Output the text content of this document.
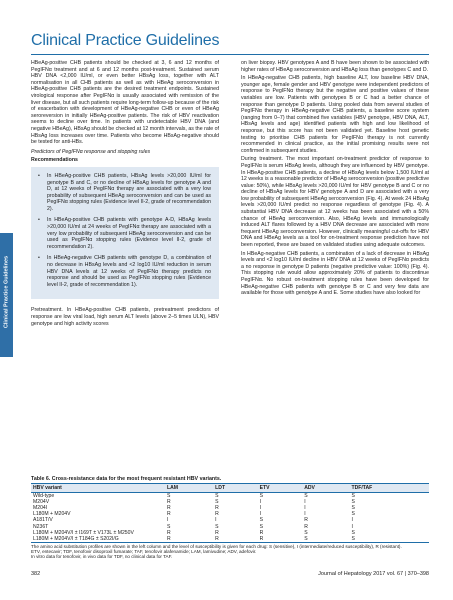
Clinical Practice Guidelines
Clinical Practice Guidelines

HBeAg-positive CHB patients should be checked at 3, 6 and 12 months of PegIFNα treatment and at 6 and 12 months post-treatment. Sustained serum HBV DNA <2,000 IU/ml, or even better HBsAg loss, together with ALT normalisation in all CHB patients as well as with HBeAg seroconversion in HBeAg-positive CHB patients are the desired treatment endpoints. Sustained virological response after PegIFNα is usually associated with remission of the liver disease, but all such patients require long-term follow-up because of the risk of exacerbation with development of HBeAg-negative CHB or even of HBeAg seroreversion in initially HBeAg-positive patients. The risk of HBV reactivation seems to decline over time. In patients with undetectable HBV DNA (and negative HBeAg), HBsAg should be checked at 12 month intervals, as the rate of HBsAg loss increases over time. Patients who become HBsAg-negative should be tested for anti-HBs.

Predictors of PegIFNα response and stopping rules

Recommendations

• In HBeAg-positive CHB patients, HBsAg levels >20,000 IU/ml for genotype B and C, or no decline of HBsAg levels for genotype A and D, at 12 weeks of PegIFNα therapy are associated with a very low probability of subsequent HBeAg seroconversion and can be used as PegIFNα stopping rules (Evidence level II-2, grade of recommendation 2).

• In HBeAg-positive CHB patients with genotype A-D, HBsAg levels >20,000 IU/ml at 24 weeks of PegIFNα therapy are associated with a very low probability of subsequent HBeAg seroconversion and can be used as PegIFNα stopping rules (Evidence level II-2, grade of recommendation 2).

• In HBeAg-negative CHB patients with genotype D, a combination of no decrease in HBsAg levels and <2 log10 IU/ml reduction in serum HBV DNA levels at 12 weeks of PegIFNα therapy predicts no response and should be used as PegIFNα stopping rules (Evidence level II-2, grade of recommendation 1).

Pretreatment. In HBeAg-positive CHB patients, pretreatment predictors of response are low viral load, high serum ALT levels (above 2–5 times ULN), HBV genotype and high activity scores

on liver biopsy. HBV genotypes A and B have been shown to be associated with higher rates of HBeAg seroconversion and HBsAg loss than genotypes C and D.

In HBeAg-negative CHB patients, high baseline ALT, low baseline HBV DNA, younger age, female gender and HBV genotype were independent predictors of response to PegIFNα therapy but the negative and positive values of these variables are low. Patients with genotypes B or C had a better chance of response than genotype D patients. Using pooled data from several studies of PegIFNα therapy in HBeAg-negative CHB patients, a baseline score system (ranging from 0–7) that combined five variables (HBV genotype, HBV DNA, ALT, HBsAg levels and age) identified patients with high and low likelihood of response, but this score has not been validated yet. Baseline host genetic testing to prioritise CHB patients for PegIFNα therapy is not currently recommended in clinical practice, as the initial promising results were not confirmed in subsequent studies.

During treatment. The most important on-treatment predictor of response to PegIFNα is serum HBsAg levels, although they are influenced by HBV genotype. In HBeAg-positive CHB patients, a decline of HBsAg levels below 1,500 IU/ml at 12 weeks is a reasonable predictor of HBeAg seroconversion (positive predictive value: 50%), while HBsAg levels >20,000 IU/ml for HBV genotype B and C or no decline of HBsAg levels for HBV genotype A and D are associated with a very low probability of subsequent HBeAg seroconversion (Fig. 4). At week 24 HBsAg levels >20,000 IU/ml predict no response regardless of genotype (Fig. 4). A substantial HBV DNA decrease at 12 weeks has been associated with a 50% chance of HBeAg seroconversion. Also, HBeAg levels and immunologically induced ALT flares followed by a HBV DNA decrease are associated with more frequent HBeAg seroconversion. However, clinically meaningful cut-offs for HBV DNA and HBeAg levels as a tool for on-treatment response prediction have not been reported, these are based on validated studies using adequate outcomes.

In HBeAg-negative CHB patients, a combination of a lack of decrease in HBsAg levels and <2 log10 IU/ml decline in HBV DNA at 12 weeks of PegIFNα predicts a no response in genotype D patients (negative predictive value: 100%) (Fig. 4). This stopping rule would allow approximately 20% of patients to discontinue PegIFNα. No robust on-treatment stopping rules have been developed for HBeAg-negative CHB patients with genotype B or C and very few data are available for those with genotype A and E. Some studies have also looked for

Table 6. Cross-resistance data for the most frequent resistant HBV variants.
HBV variant	LAM	LDT	ETV	ADV	TDF/TAF
Wild-type	S	S	S	S	S
M204V	R	S	I	I	S
M204I	R	R	I	I	S
L180M + M204V	R	R	I	I	S
A181T/V	I	I	S	R	I
N236T	S	S	S	R	I
L180M + M204V/I ± I169T ± V173L ± M250V	R	R	R	S	S
L180M + M204V/I ± T184G ± S202I/G	R	R	R	S	S
The amino acid substitution profiles are shown in the left column and the level of susceptibility is given for each drug: S (sensitive), I (intermediate/reduced susceptibility), R (resistant).
ETV, entecavir; TDF, tenofovir disoproxil fumarate; TAF, tenofovir alafenamide; LAM, lamivudine; ADV, adefovir.
In vitro data for tenofovir, in vivo data for TDF, no clinical data for TAF.
382	Journal of Hepatology 2017 vol. 67 | 370–398
